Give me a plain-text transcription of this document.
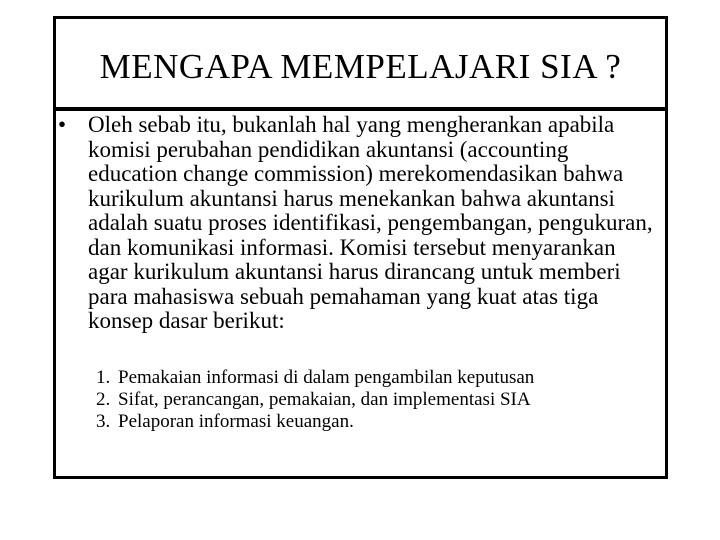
MENGAPA MEMPELAJARI SIA ?
• Oleh sebab itu, bukanlah hal yang mengherankan apabila komisi perubahan pendidikan akuntansi (accounting education change commission) merekomendasikan bahwa kurikulum akuntansi harus menekankan bahwa akuntansi adalah suatu proses identifikasi, pengembangan, pengukuran, dan komunikasi informasi. Komisi tersebut menyarankan agar kurikulum akuntansi harus dirancang untuk memberi para mahasiswa sebuah pemahaman yang kuat atas tiga konsep dasar berikut:
1. Pemakaian informasi di dalam pengambilan keputusan
2. Sifat, perancangan, pemakaian, dan implementasi SIA
3. Pelaporan informasi keuangan.
